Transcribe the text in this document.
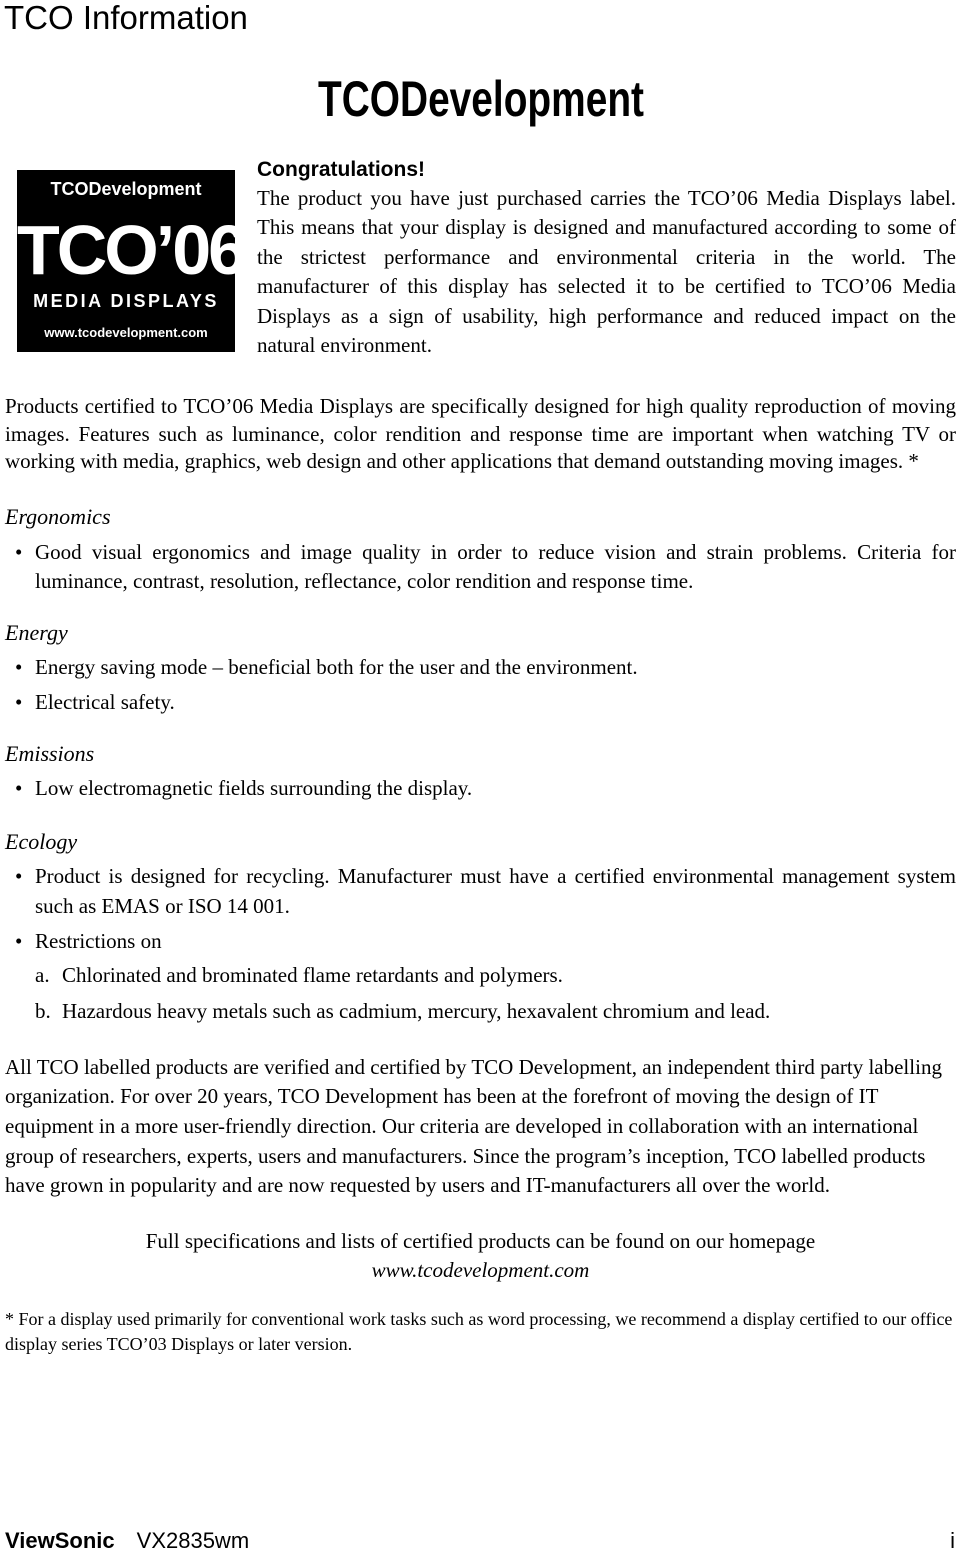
TCO Information
TCODevelopment
TCODevelopment
TCO’06
MEDIA DISPLAYS
www.tcodevelopment.com

Congratulations!

The product you have just purchased carries the TCO’06 Media Displays label. This means that your display is designed and manufactured according to some of the strictest performance and environmental criteria in the world. The manufacturer of this display has selected it to be certified to TCO’06 Media Displays as a sign of usability, high performance and reduced impact on the natural environment.

Products certified to TCO’06 Media Displays are specifically designed for high quality reproduction of moving images. Features such as luminance, color rendition and response time are important when watching TV or working with media, graphics, web design and other applications that demand outstanding moving images. *

Ergonomics

• Good visual ergonomics and image quality in order to reduce vision and strain problems. Criteria for luminance, contrast, resolution, reflectance, color rendition and response time.

Energy

• Energy saving mode – beneficial both for the user and the environment.
• Electrical safety.

Emissions

• Low electromagnetic fields surrounding the display.

Ecology

• Product is designed for recycling. Manufacturer must have a certified environmental management system such as EMAS or ISO 14 001.
• Restrictions on
a. Chlorinated and brominated flame retardants and polymers.
b. Hazardous heavy metals such as cadmium, mercury, hexavalent chromium and lead.

All TCO labelled products are verified and certified by TCO Development, an independent third party labelling organization. For over 20 years, TCO Development has been at the forefront of moving the design of IT equipment in a more user-friendly direction. Our criteria are developed in collaboration with an international group of researchers, experts, users and manufacturers. Since the program’s inception, TCO labelled products have grown in popularity and are now requested by users and IT-manufacturers all over the world.

Full specifications and lists of certified products can be found on our homepage
www.tcodevelopment.com

* For a display used primarily for conventional work tasks such as word processing, we recommend a display certified to our office display series TCO’03 Displays or later version.

ViewSonic VX2835wm	i
